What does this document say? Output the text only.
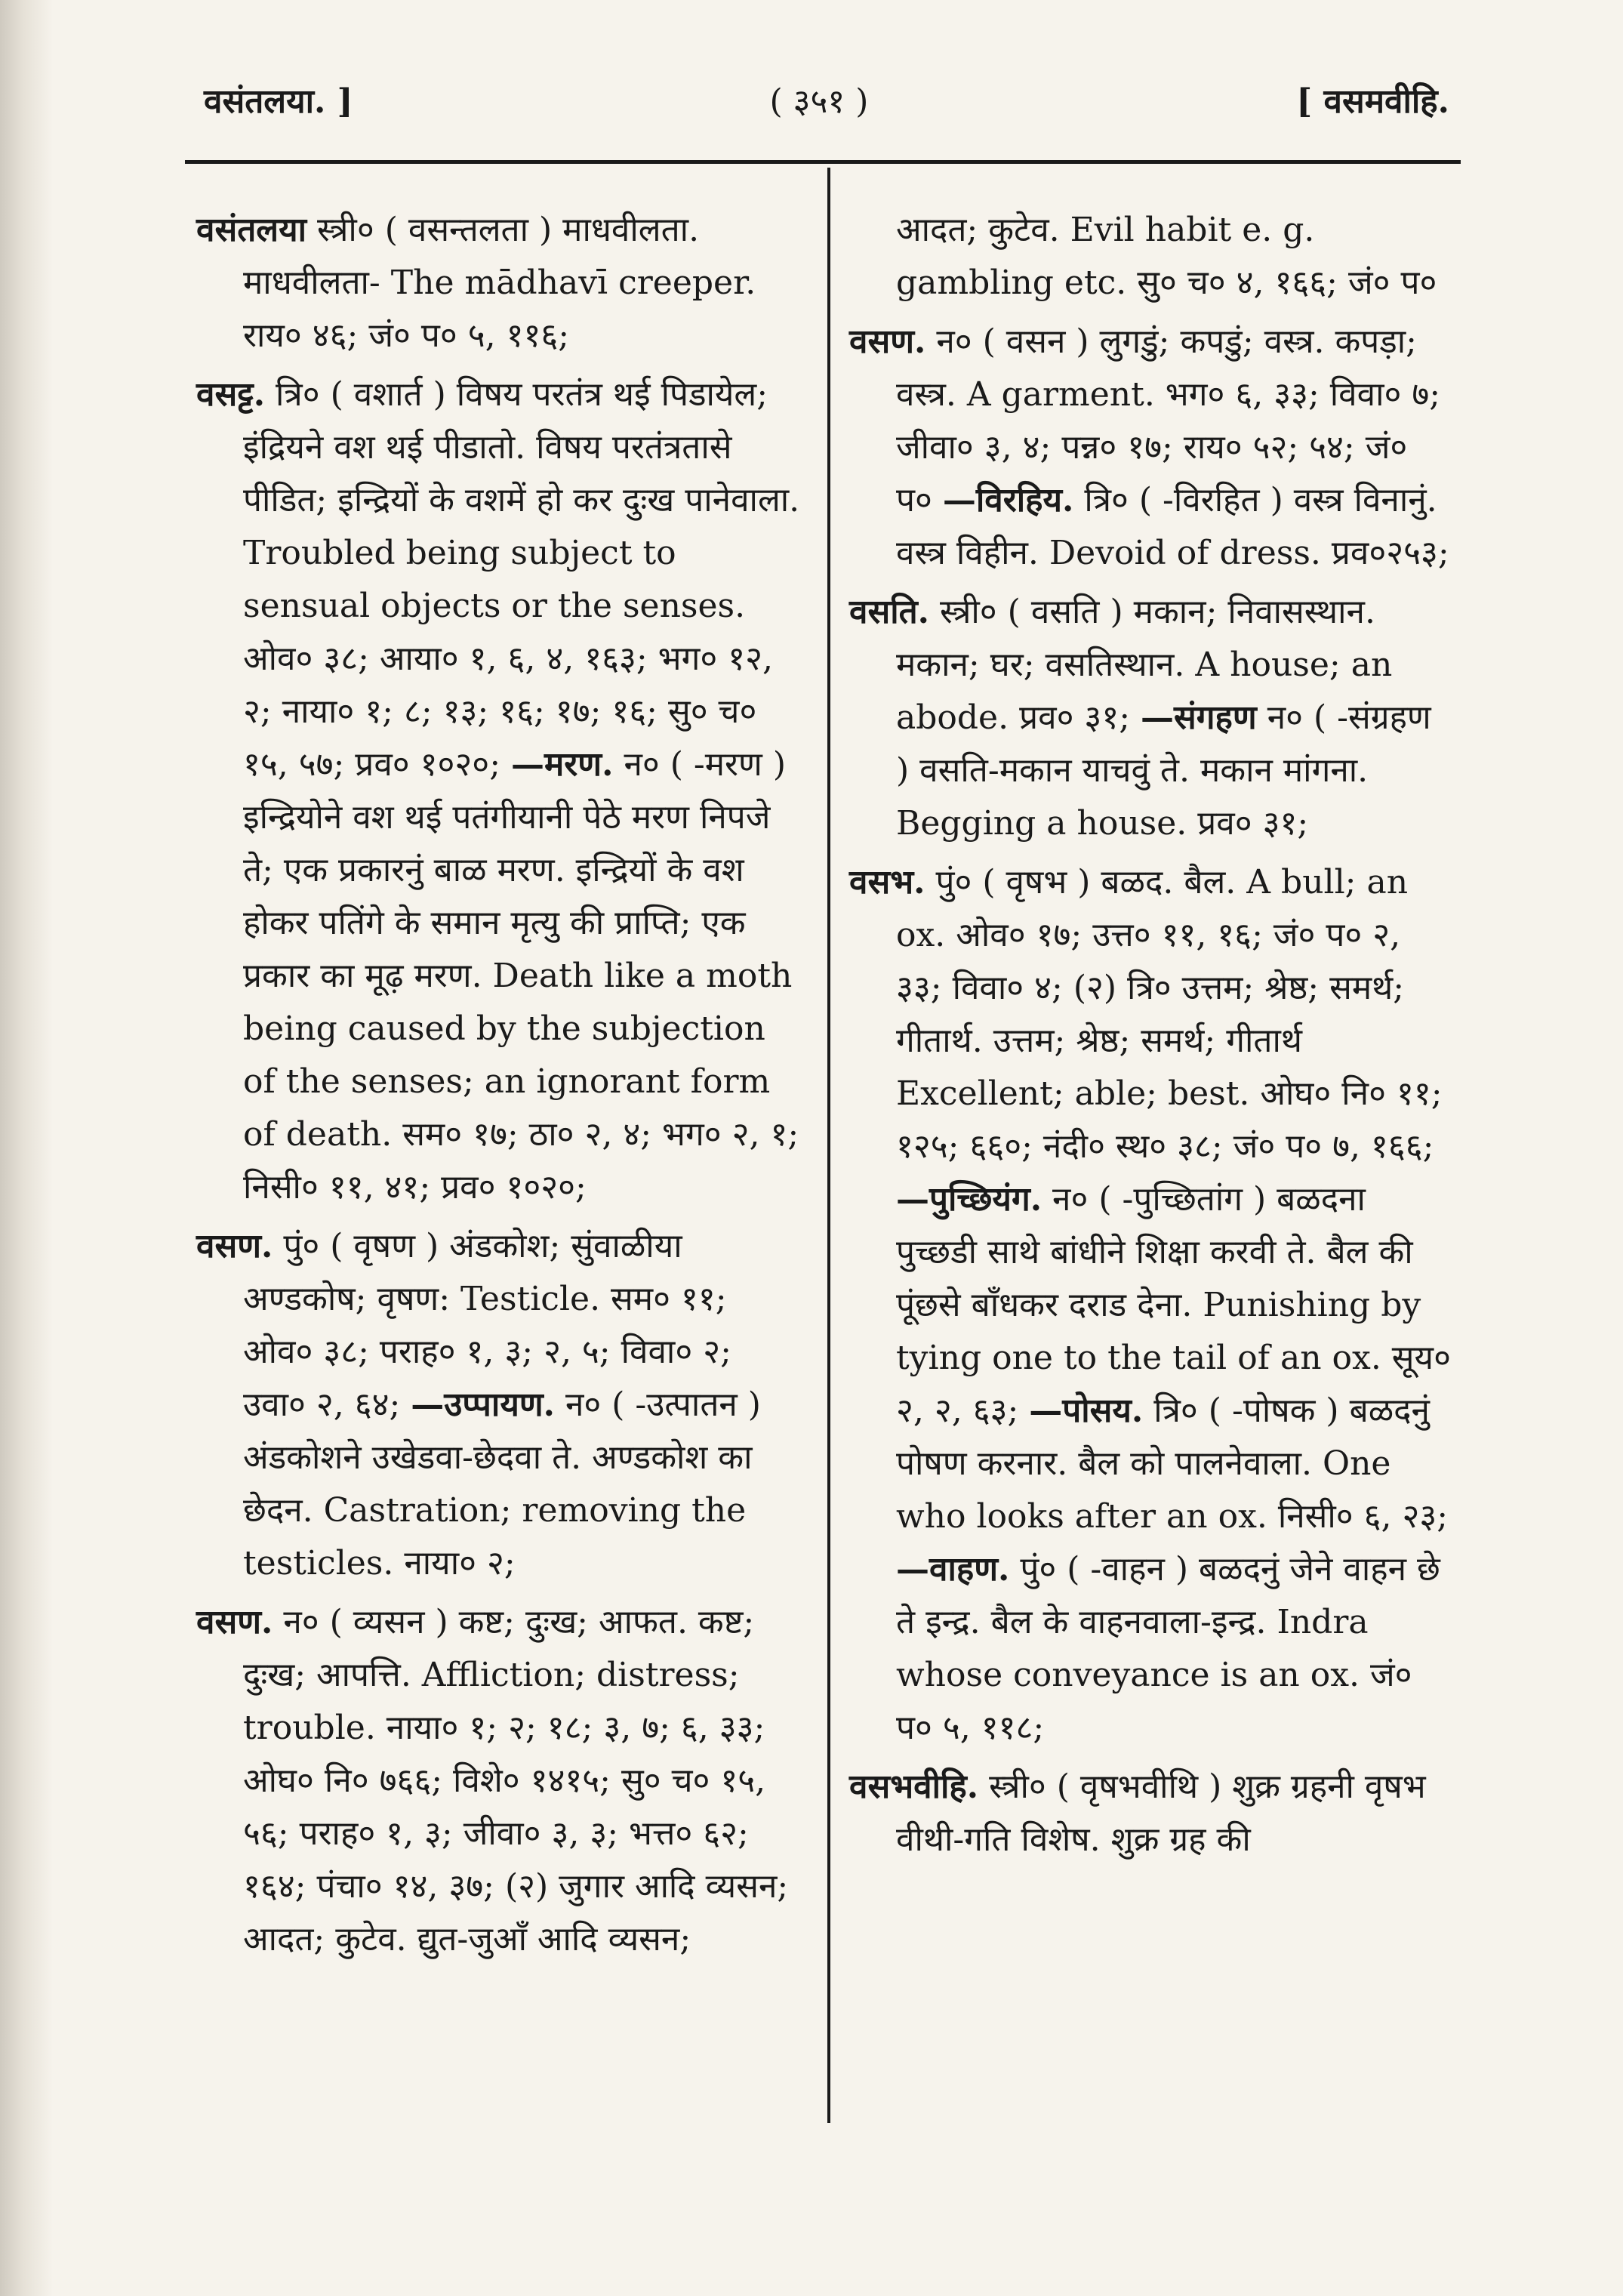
वसंतलया. ]	( ३५१ )	[ वसमवीहि.

वसंतलया स्त्री० ( वसन्तलता ) माधवीलता. माधवीलता- The mādhavī creeper. राय० ४६; जं० प० ५, ११६;

वसट्ट. त्रि० ( वशार्त ) विषय परतंत्र थई पिडायेल; इंद्रियने वश थई पीडातो. विषय परतंत्रतासे पीडित; इन्द्रियों के वशमें हो कर दुःख पानेवाला. Troubled being subject to sensual objects or the senses. ओव० ३८; आया० १, ६, ४, १६३; भग० १२, २; नाया० १; ८; १३; १६; १७; १६; सु० च० १५, ५७; प्रव० १०२०; —मरण. न० ( -मरण ) इन्द्रियोने वश थई पतंगीयानी पेठे मरण निपजे ते; एक प्रकारनुं बाळ मरण. इन्द्रियों के वश होकर पतिंगे के समान मृत्यु की प्राप्ति; एक प्रकार का मूढ़ मरण. Death like a moth being caused by the subjection of the senses; an ignorant form of death. सम० १७; ठा० २, ४; भग० २, १; निसी० ११, ४१; प्रव० १०२०;

वसण. पुं० ( वृषण ) अंडकोश; सुंवाळीया अण्डकोष; वृषण: Testicle. सम० ११; ओव० ३८; पराह० १, ३; २, ५; विवा० २; उवा० २, ६४; —उप्पायण. न० ( -उत्पातन ) अंडकोशने उखेडवा-छेदवा ते. अण्डकोश का छेदन. Castration; removing the testicles. नाया० २;

वसण. न० ( व्यसन ) कष्ट; दुःख; आफत. कष्ट; दुःख; आपत्ति. Affliction; distress; trouble. नाया० १; २; १८; ३, ७; ६, ३३; ओघ० नि० ७६६; विशे० १४१५; सु० च० १५, ५६; पराह० १, ३; जीवा० ३, ३; भत्त० ६२; १६४; पंचा० १४, ३७; (२) जुगार आदि व्यसन; आदत; कुटेव. द्युत-जुआँ आदि व्यसन;

आदत; कुटेव. Evil habit e. g. gambling etc. सु० च० ४, १६६; जं० प०

वसण. न० ( वसन ) लुगडुं; कपडुं; वस्त्र. कपड़ा; वस्त्र. A garment. भग० ६, ३३; विवा० ७; जीवा० ३, ४; पन्न० १७; राय० ५२; ५४; जं० प० —विरहिय. त्रि० ( -विरहित ) वस्त्र विनानुं. वस्त्र विहीन. Devoid of dress. प्रव०२५३;

वसति. स्त्री० ( वसति ) मकान; निवासस्थान. मकान; घर; वसतिस्थान. A house; an abode. प्रव० ३१; —संगहण न० ( -संग्रहण ) वसति-मकान याचवुं ते. मकान मांगना. Begging a house. प्रव० ३१;

वसभ. पुं० ( वृषभ ) बळद. बैल. A bull; an ox. ओव० १७; उत्त० ११, १६; जं० प० २, ३३; विवा० ४; (२) त्रि० उत्तम; श्रेष्ठ; समर्थ; गीतार्थ. उत्तम; श्रेष्ठ; समर्थ; गीतार्थ Excellent; able; best. ओघ० नि० ११; १२५; ६६०; नंदी० स्थ० ३८; जं० प० ७, १६६; —पुच्छियंग. न० ( -पुच्छितांग ) बळदना पुच्छडी साथे बांधीने शिक्षा करवी ते. बैल की पूंछसे बाँधकर दराड देना. Punishing by tying one to the tail of an ox. सूय० २, २, ६३; —पोसय. त्रि० ( -पोषक ) बळदनुं पोषण करनार. बैल को पालनेवाला. One who looks after an ox. निसी० ६, २३; —वाहण. पुं० ( -वाहन ) बळदनुं जेने वाहन छे ते इन्द्र. बैल के वाहनवाला-इन्द्र. Indra whose conveyance is an ox. जं० प० ५, ११८;

वसभवीहि. स्त्री० ( वृषभवीथि ) शुक्र ग्रहनी वृषभ वीथी-गति विशेष. शुक्र ग्रह की
